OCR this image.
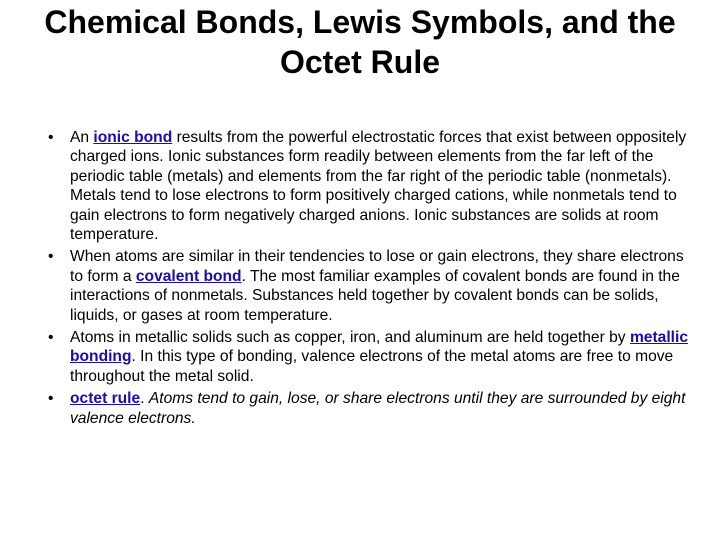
Chemical Bonds, Lewis Symbols, and the Octet Rule
• An ionic bond results from the powerful electrostatic forces that exist between oppositely charged ions. Ionic substances form readily between elements from the far left of the periodic table (metals) and elements from the far right of the periodic table (nonmetals). Metals tend to lose electrons to form positively charged cations, while nonmetals tend to gain electrons to form negatively charged anions. Ionic substances are solids at room temperature.
• When atoms are similar in their tendencies to lose or gain electrons, they share electrons to form a covalent bond. The most familiar examples of covalent bonds are found in the interactions of nonmetals. Substances held together by covalent bonds can be solids, liquids, or gases at room temperature.
• Atoms in metallic solids such as copper, iron, and aluminum are held together by metallic bonding. In this type of bonding, valence electrons of the metal atoms are free to move throughout the metal solid.
• octet rule. Atoms tend to gain, lose, or share electrons until they are surrounded by eight valence electrons.
